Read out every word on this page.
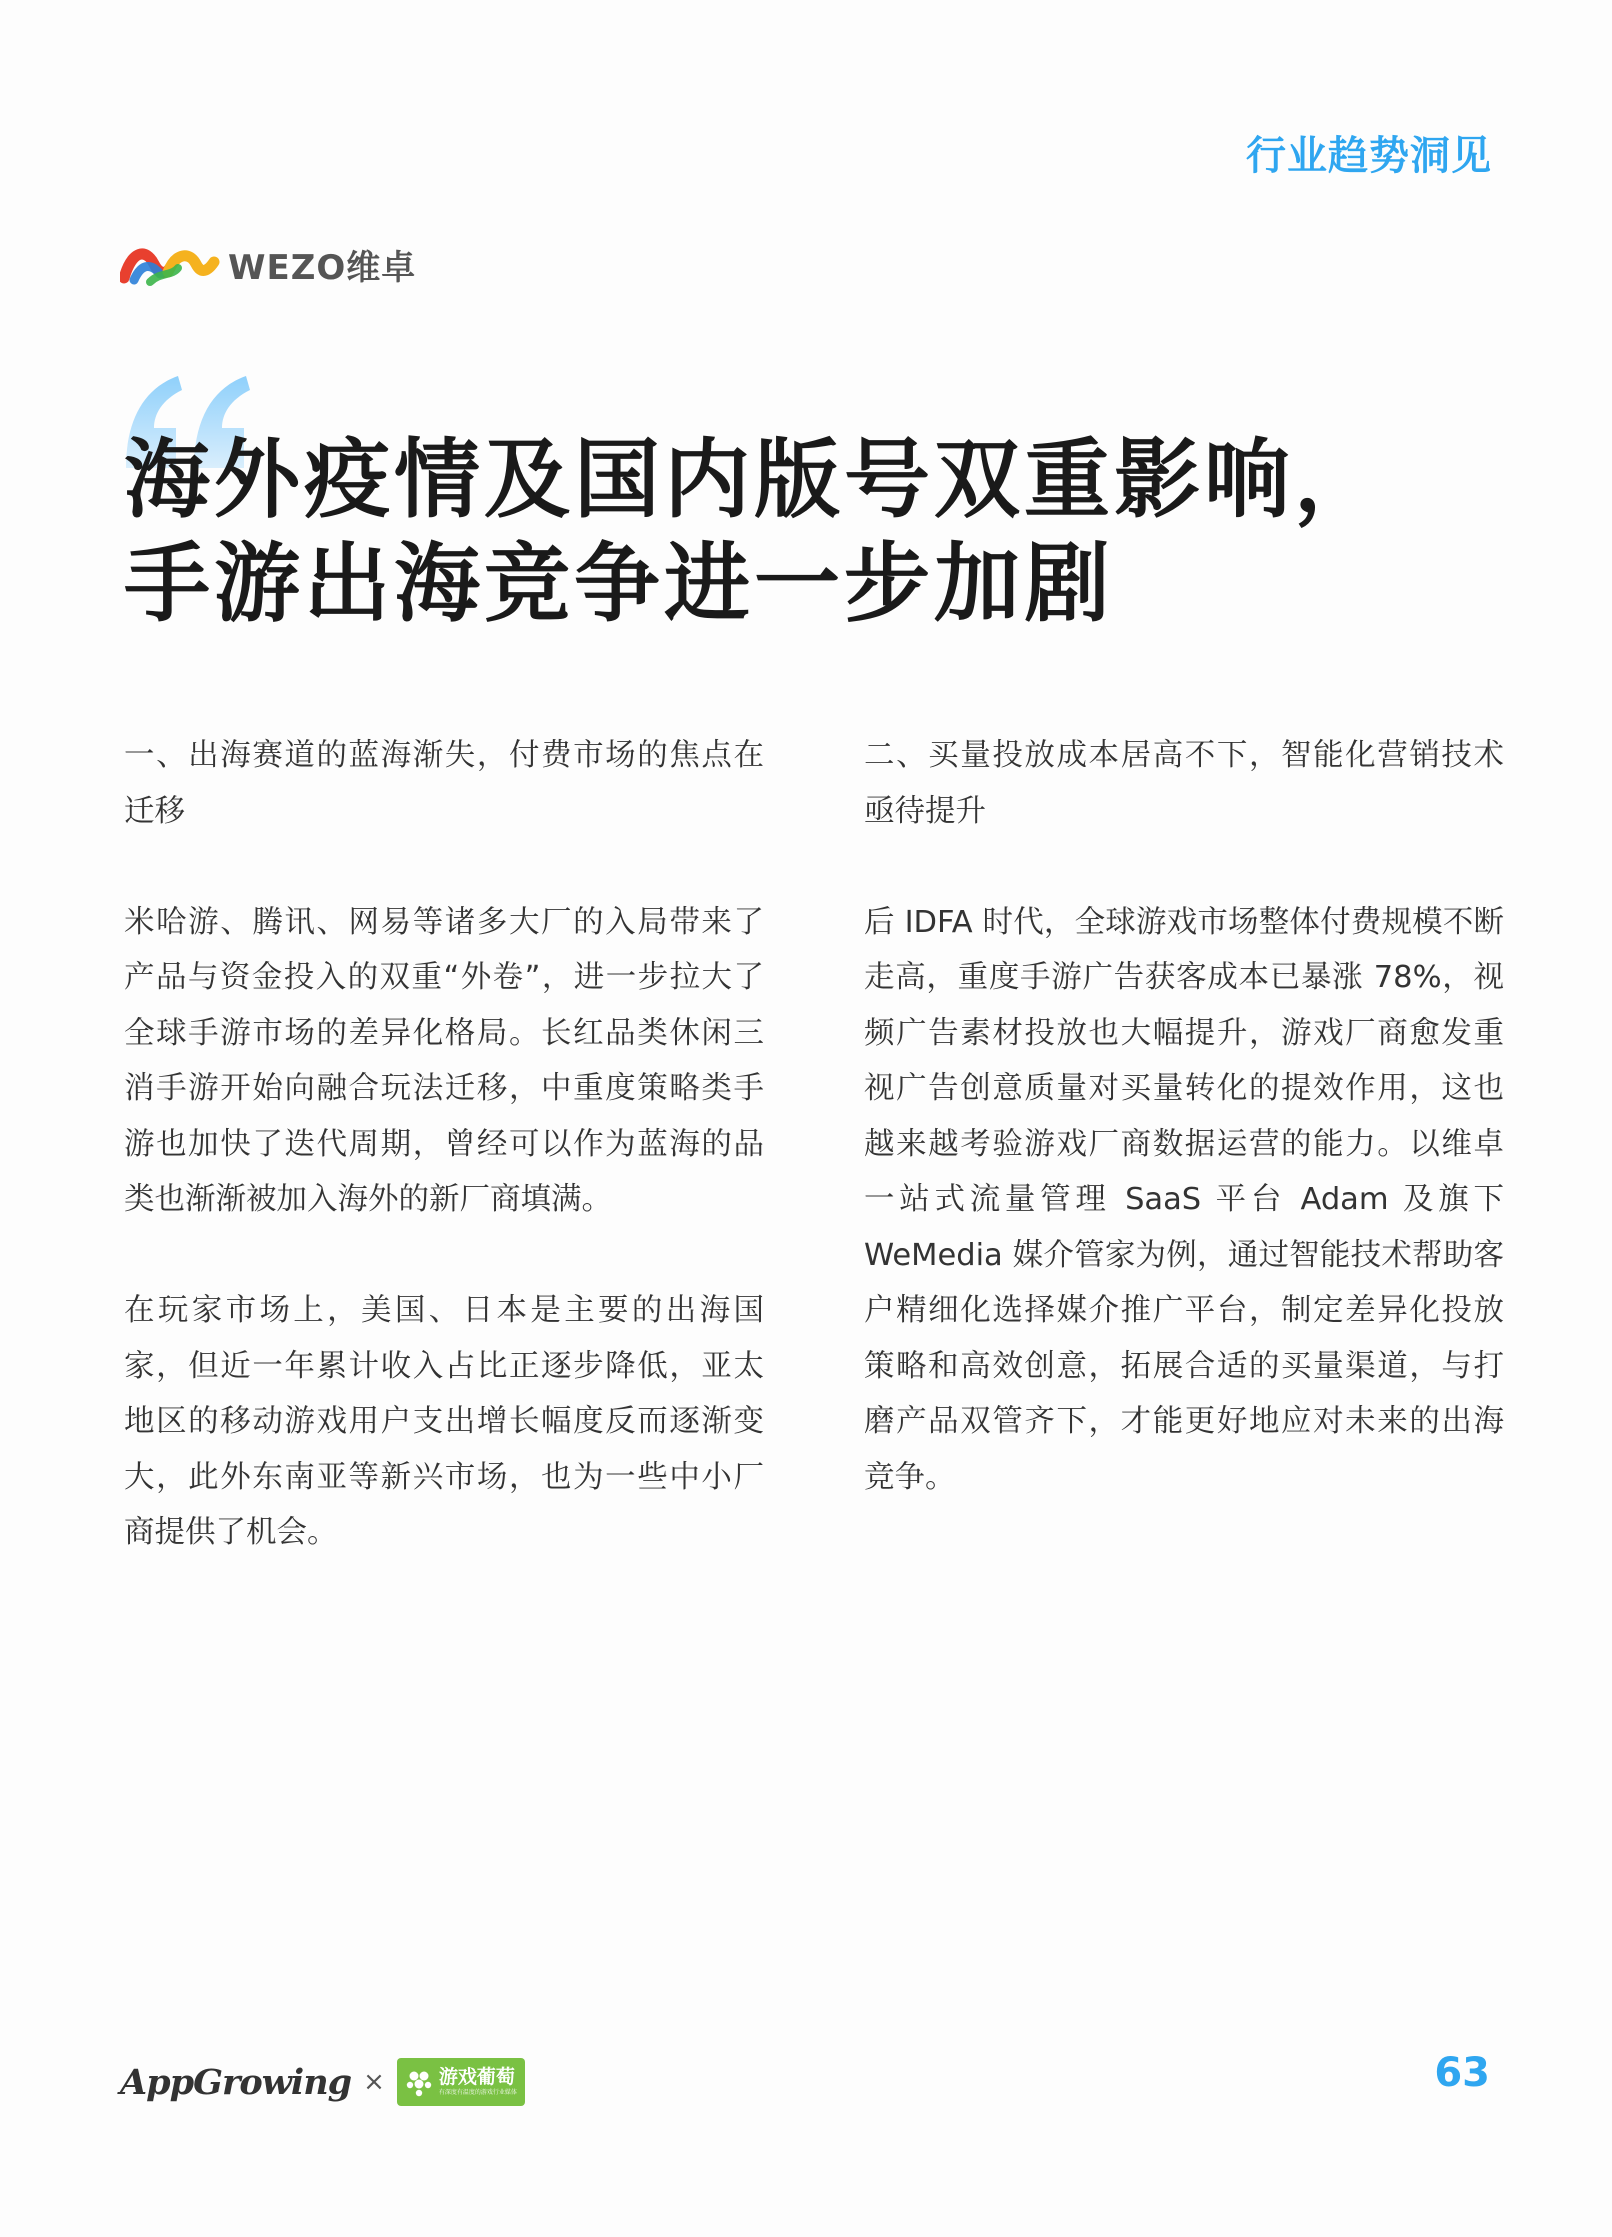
行业趋势洞见
WEZO维卓
海外疫情及国内版号双重影响，
手游出海竞争进一步加剧

一、出海赛道的蓝海渐失，付费市场的焦点在迁移

米哈游、腾讯、网易等诸多大厂的入局带来了产品与资金投入的双重“外卷”，进一步拉大了全球手游市场的差异化格局。长红品类休闲三消手游开始向融合玩法迁移，中重度策略类手游也加快了迭代周期，曾经可以作为蓝海的品类也渐渐被加入海外的新厂商填满。

在玩家市场上，美国、日本是主要的出海国家，但近一年累计收入占比正逐步降低，亚太地区的移动游戏用户支出增长幅度反而逐渐变大，此外东南亚等新兴市场，也为一些中小厂商提供了机会。

二、买量投放成本居高不下，智能化营销技术亟待提升

后 IDFA 时代，全球游戏市场整体付费规模不断走高，重度手游广告获客成本已暴涨 78%，视频广告素材投放也大幅提升，游戏厂商愈发重视广告创意质量对买量转化的提效作用，这也越来越考验游戏厂商数据运营的能力。以维卓一站式流量管理 SaaS 平台 Adam 及旗下 WeMedia 媒介管家为例，通过智能技术帮助客户精细化选择媒介推广平台，制定差异化投放策略和高效创意，拓展合适的买量渠道，与打磨产品双管齐下，才能更好地应对未来的出海竞争。

AppGrowing ×	游戏葡萄
有深度有温度的游戏行业媒体	63
